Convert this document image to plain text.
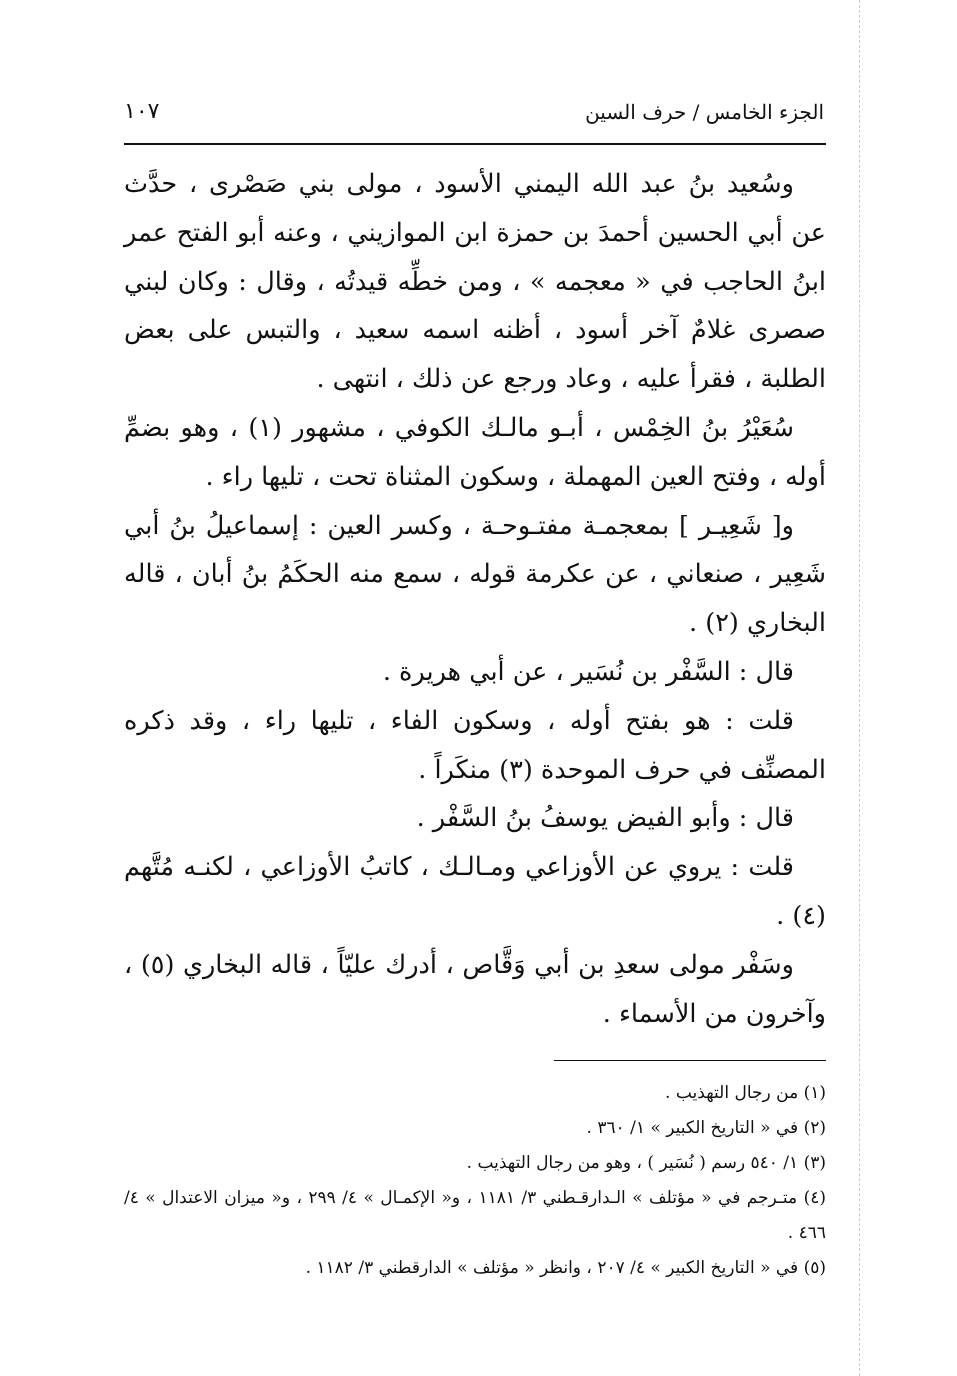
الجزء الخامس / حرف السين
١٠٧

وسُعيد بنُ عبد الله اليمني الأسود ، مولى بني صَصْرى ، حدَّث عن أبي الحسين أحمدَ بن حمزة ابن الموازيني ، وعنه أبو الفتح عمر ابنُ الحاجب في « معجمه » ، ومن خطِّه قيدتُه ، وقال : وكان لبني صصرى غلامٌ آخر أسود ، أظنه اسمه سعيد ، والتبس على بعض الطلبة ، فقرأ عليه ، وعاد ورجع عن ذلك ، انتهى .

سُعَيْرُ بنُ الخِمْس ، أبـو مالـك الكوفي ، مشهور (١) ، وهو بضمِّ أوله ، وفتح العين المهملة ، وسكون المثناة تحت ، تليها راء .

و[ شَعِيـر ] بمعجمـة مفتـوحـة ، وكسر العين : إسماعيلُ بنُ أبي شَعِير ، صنعاني ، عن عكرمة قوله ، سمع منه الحكَمُ بنُ أبان ، قاله البخاري (٢) .

قال : السَّفْر بن نُسَير ، عن أبي هريرة .

قلت : هو بفتح أوله ، وسكون الفاء ، تليها راء ، وقد ذكره المصنِّف في حرف الموحدة (٣) منكَراً .

قال : وأبو الفيض يوسفُ بنُ السَّفْر .

قلت : يروي عن الأوزاعي ومـالـك ، كاتبُ الأوزاعي ، لكنـه مُتَّهم (٤) .

وسَفْر مولى سعدِ بن أبي وَقَّاص ، أدرك عليّاً ، قاله البخاري (٥) ، وآخرون من الأسماء .

(١) من رجال التهذيب .

(٢) في « التاريخ الكبير » ١/ ٣٦٠ .

(٣) ١/ ٥٤٠ رسم ( نُسَير ) ، وهو من رجال التهذيب .

(٤) متـرجم في « مؤتلف » الـدارقـطني ٣/ ١١٨١ ، و« الإكمـال » ٤/ ٢٩٩ ، و« ميزان الاعتدال » ٤/ ٤٦٦ .

(٥) في « التاريخ الكبير » ٤/ ٢٠٧ ، وانظر « مؤتلف » الدارقطني ٣/ ١١٨٢ .
